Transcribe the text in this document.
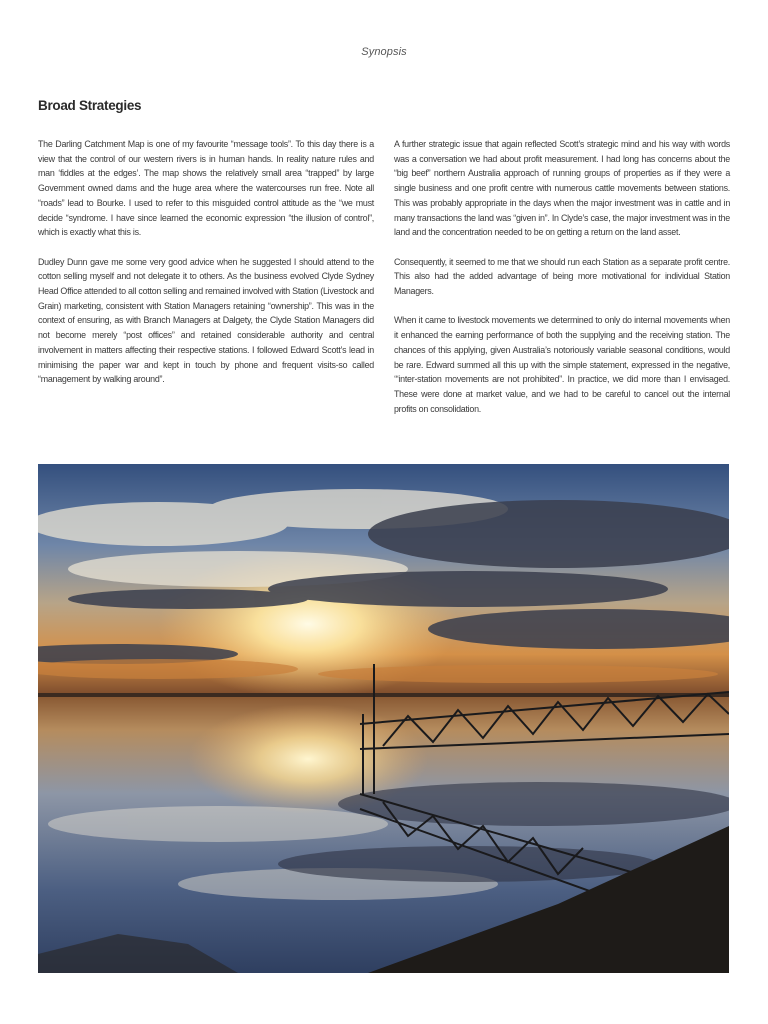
Synopsis
Broad Strategies

The Darling Catchment Map is one of my favourite “message tools”. To this day there is a view that the control of our western rivers is in human hands. In reality nature rules and man ‘fiddles at the edges’. The map shows the relatively small area “trapped” by large Government owned dams and the huge area where the watercourses run free. Note all “roads” lead to Bourke. I used to refer to this misguided control attitude as the “we must decide “syndrome. I have since learned the economic expression “the illusion of control”, which is exactly what this is.

Dudley Dunn gave me some very good advice when he suggested I should attend to the cotton selling myself and not delegate it to others. As the business evolved Clyde Sydney Head Office attended to all cotton selling and remained involved with Station (Livestock and Grain) marketing, consistent with Station Managers retaining “ownership”. This was in the context of ensuring, as with Branch Managers at Dalgety, the Clyde Station Managers did not become merely “post offices” and retained considerable authority and central involvement in matters affecting their respective stations. I followed Edward Scott’s lead in minimising the paper war and kept in touch by phone and frequent visits-so called “management by walking around”.

A further strategic issue that again reflected Scott’s strategic mind and his way with words was a conversation we had about profit measurement. I had long has concerns about the “big beef” northern Australia approach of running groups of properties as if they were a single business and one profit centre with numerous cattle movements between stations. This was probably appropriate in the days when the major investment was in cattle and in many transactions the land was “given in”. In Clyde’s case, the major investment was in the land and the concentration needed to be on getting a return on the land asset.

Consequently, it seemed to me that we should run each Station as a separate profit centre. This also had the added advantage of being more motivational for individual Station Managers.

When it came to livestock movements we determined to only do internal movements when it enhanced the earning performance of both the supplying and the receiving station. The chances of this applying, given Australia’s notoriously variable seasonal conditions, would be rare. Edward summed all this up with the simple statement, expressed in the negative, ‘“inter-station movements are not prohibited”. In practice, we did more than I envisaged. These were done at market value, and we had to be careful to cancel out the internal profits on consolidation.
